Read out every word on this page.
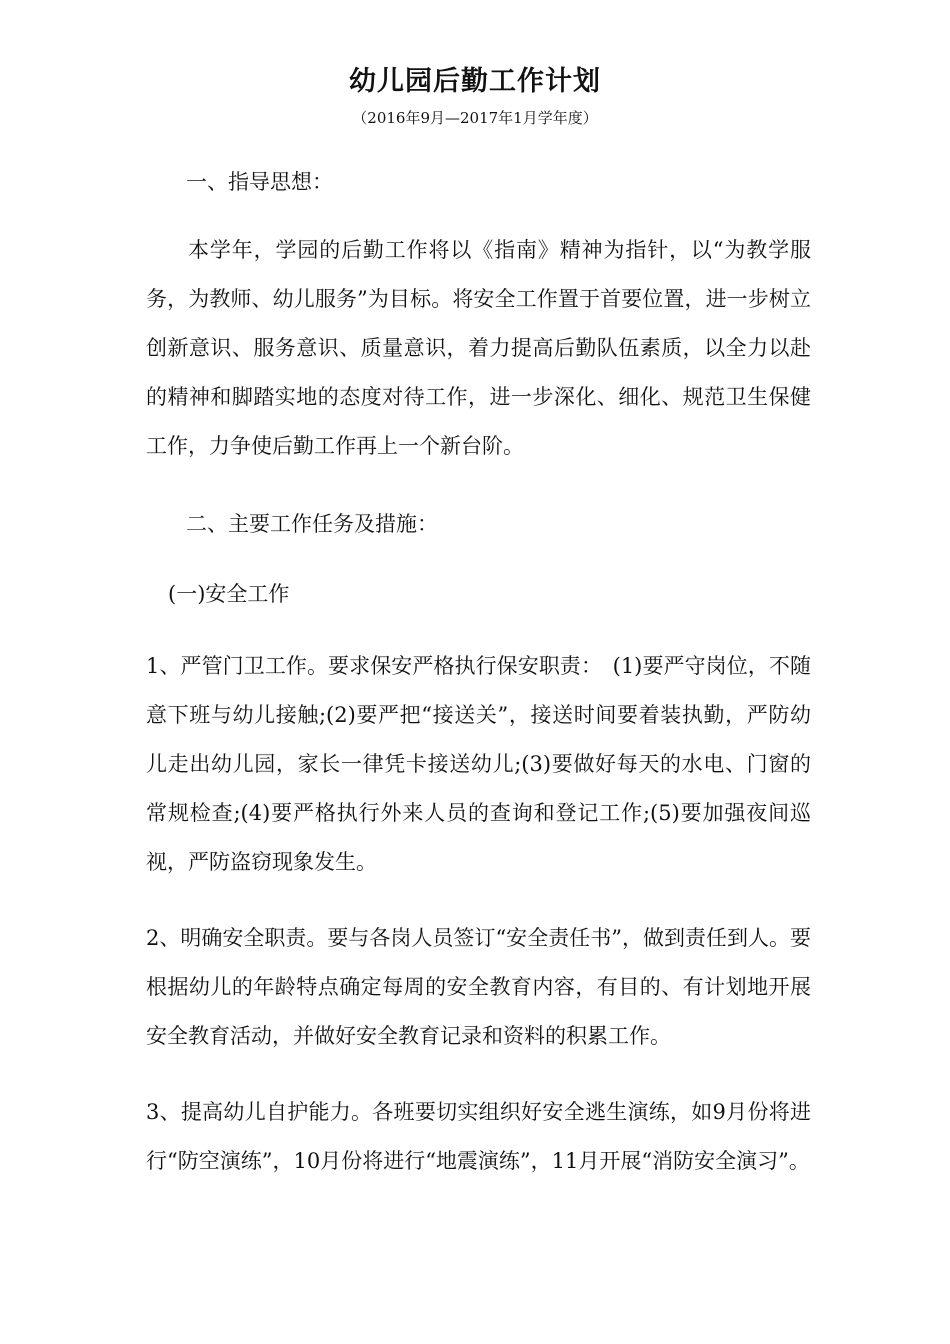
幼儿园后勤工作计划
（2016年9月—2017年1月学年度）
一、指导思想：
本学年，学园的后勤工作将以《指南》精神为指针，以“为教学服务，为教师、幼儿服务”为目标。将安全工作置于首要位置，进一步树立创新意识、服务意识、质量意识，着力提高后勤队伍素质，以全力以赴的精神和脚踏实地的态度对待工作，进一步深化、细化、规范卫生保健工作，力争使后勤工作再上一个新台阶。
二、主要工作任务及措施：
(一)安全工作
1、严管门卫工作。要求保安严格执行保安职责：　(1)要严守岗位，不随意下班与幼儿接触;(2)要严把“接送关”，接送时间要着装执勤，严防幼儿走出幼儿园，家长一律凭卡接送幼儿;(3)要做好每天的水电、门窗的常规检查;(4)要严格执行外来人员的查询和登记工作;(5)要加强夜间巡视，严防盗窃现象发生。
2、明确安全职责。要与各岗人员签订“安全责任书”，做到责任到人。要根据幼儿的年龄特点确定每周的安全教育内容，有目的、有计划地开展安全教育活动，并做好安全教育记录和资料的积累工作。
3、提高幼儿自护能力。各班要切实组织好安全逃生演练，如9月份将进行“防空演练”，10月份将进行“地震演练”，11月开展“消防安全演习”。
